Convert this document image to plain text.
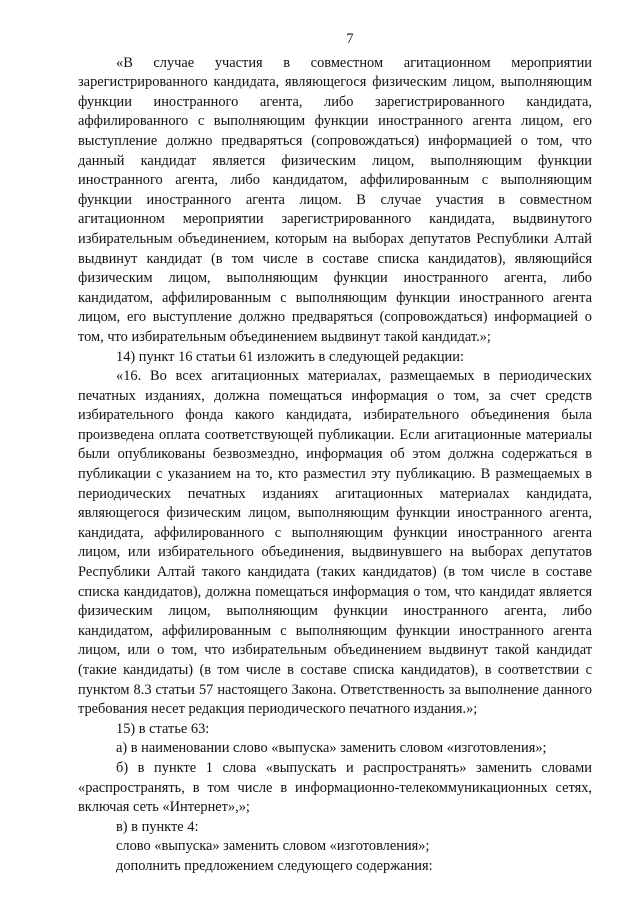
7

«В случае участия в совместном агитационном мероприятии зарегистрированного кандидата, являющегося физическим лицом, выполняющим функции иностранного агента, либо зарегистрированного кандидата, аффилированного с выполняющим функции иностранного агента лицом, его выступление должно предваряться (сопровождаться) информацией о том, что данный кандидат является физическим лицом, выполняющим функции иностранного агента, либо кандидатом, аффилированным с выполняющим функции иностранного агента лицом. В случае участия в совместном агитационном мероприятии зарегистрированного кандидата, выдвинутого избирательным объединением, которым на выборах депутатов Республики Алтай выдвинут кандидат (в том числе в составе списка кандидатов), являющийся физическим лицом, выполняющим функции иностранного агента, либо кандидатом, аффилированным с выполняющим функции иностранного агента лицом, его выступление должно предваряться (сопровождаться) информацией о том, что избирательным объединением выдвинут такой кандидат.»;

14) пункт 16 статьи 61 изложить в следующей редакции:

«16. Во всех агитационных материалах, размещаемых в периодических печатных изданиях, должна помещаться информация о том, за счет средств избирательного фонда какого кандидата, избирательного объединения была произведена оплата соответствующей публикации. Если агитационные материалы были опубликованы безвозмездно, информация об этом должна содержаться в публикации с указанием на то, кто разместил эту публикацию. В размещаемых в периодических печатных изданиях агитационных материалах кандидата, являющегося физическим лицом, выполняющим функции иностранного агента, кандидата, аффилированного с выполняющим функции иностранного агента лицом, или избирательного объединения, выдвинувшего на выборах депутатов Республики Алтай такого кандидата (таких кандидатов) (в том числе в составе списка кандидатов), должна помещаться информация о том, что кандидат является физическим лицом, выполняющим функции иностранного агента, либо кандидатом, аффилированным с выполняющим функции иностранного агента лицом, или о том, что избирательным объединением выдвинут такой кандидат (такие кандидаты) (в том числе в составе списка кандидатов), в соответствии с пунктом 8.3 статьи 57 настоящего Закона. Ответственность за выполнение данного требования несет редакция периодического печатного издания.»;

15) в статье 63:

а) в наименовании слово «выпуска» заменить словом «изготовления»;

б) в пункте 1 слова «выпускать и распространять» заменить словами «распространять, в том числе в информационно-телекоммуникационных сетях, включая сеть «Интернет»,»;

в) в пункте 4:

слово «выпуска» заменить словом «изготовления»;

дополнить предложением следующего содержания:
